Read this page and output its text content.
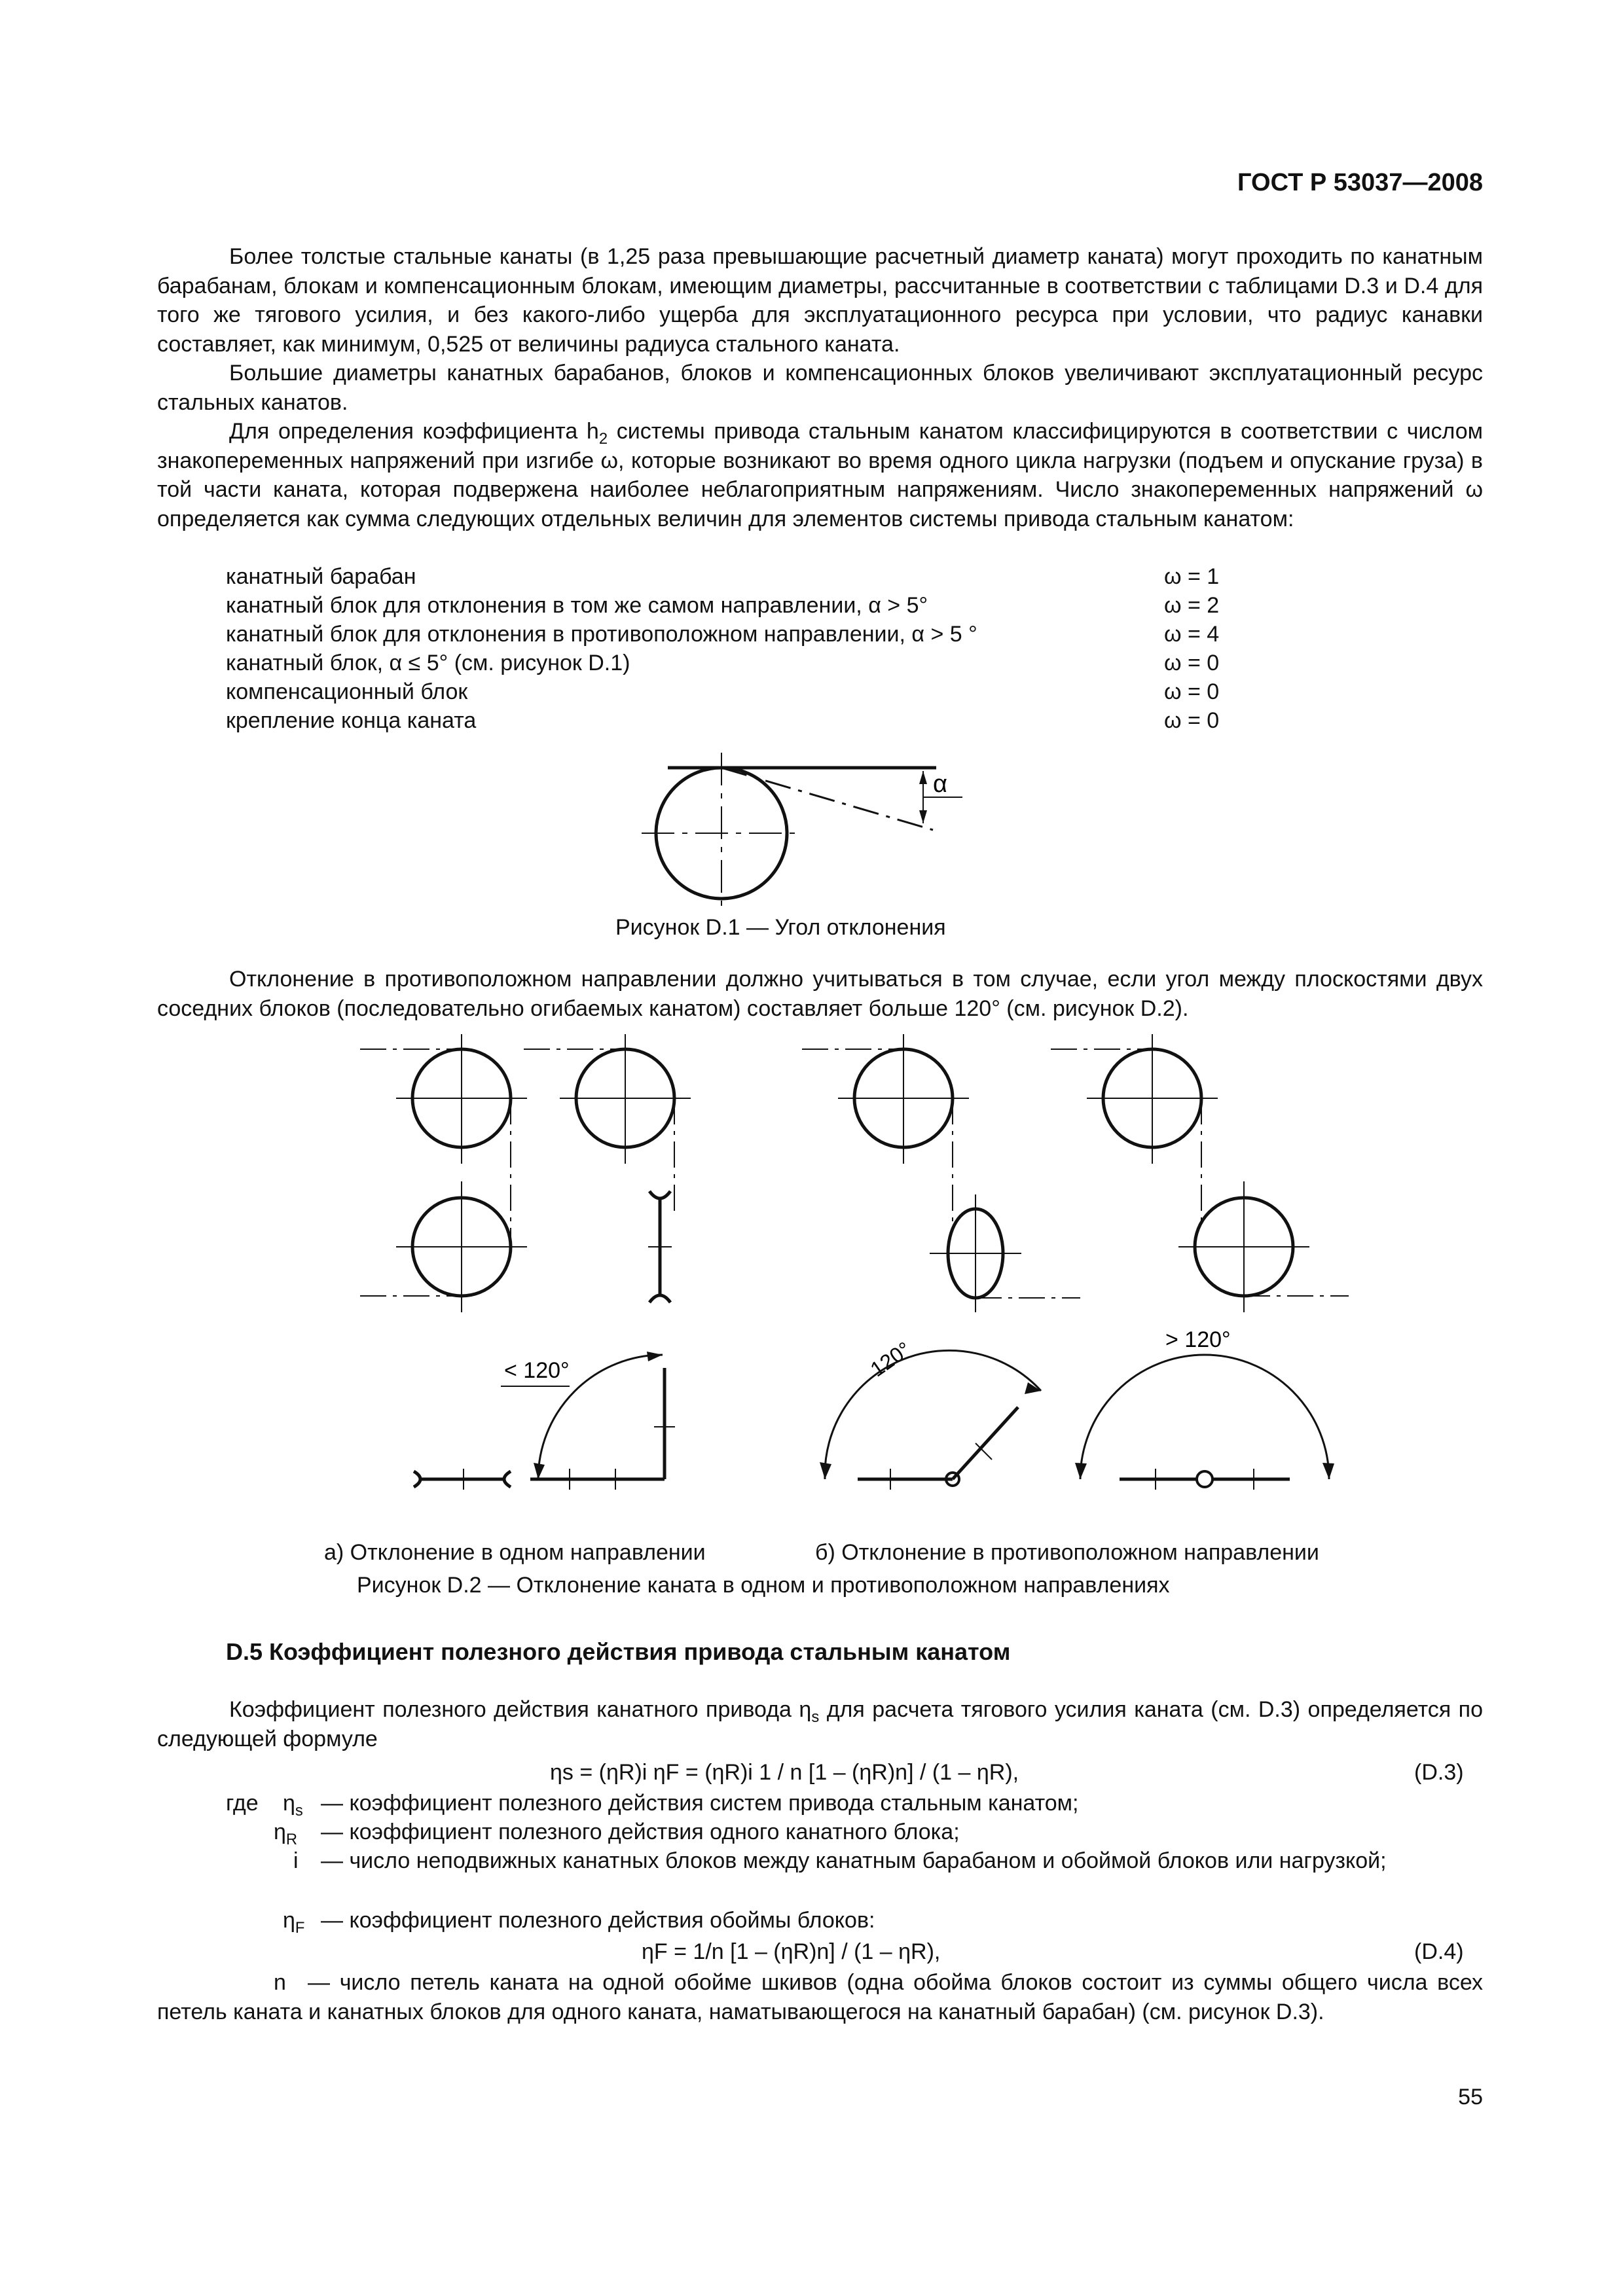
ГОСТ Р 53037—2008

Более толстые стальные канаты (в 1,25 раза превышающие расчетный диаметр каната) могут проходить по канатным барабанам, блокам и компенсационным блокам, имеющим диаметры, рассчитанные в соответствии с таблицами D.3 и D.4 для того же тягового усилия, и без какого-либо ущерба для эксплуатационного ресурса при условии, что радиус канавки составляет, как минимум, 0,525 от величины радиуса стального каната.

Большие диаметры канатных барабанов, блоков и компенсационных блоков увеличивают эксплуатационный ресурс стальных канатов.

Для определения коэффициента $h_2$ системы привода стальным канатом классифицируются в соответствии с числом знакопеременных напряжений при изгибе ω, которые возникают во время одного цикла нагрузки (подъем и опускание груза) в той части каната, которая подвержена наиболее неблагоприятным напряжениям. Число знакопеременных напряжений ω определяется как сумма следующих отдельных величин для элементов системы привода стальным канатом:

канатный барабан	ω = 1
канатный блок для отклонения в том же самом направлении, α > 5°	ω = 2
канатный блок для отклонения в противоположном направлении, α > 5 °	ω = 4
канатный блок, α ≤ 5° (см. рисунок D.1)	ω = 0
компенсационный блок	ω = 0
крепление конца каната	ω = 0
α
Рисунок D.1 — Угол отклонения

Отклонение в противоположном направлении должно учитываться в том случае, если угол между плоскостями двух соседних блоков (последовательно огибаемых канатом) составляет больше 120° (см. рисунок D.2).

< 120°	120°	> 120°
а) Отклонение в одном направлении	б) Отклонение в противоположном направлении
Рисунок D.2 — Отклонение каната в одном и противоположном направлениях
D.5 Коэффициент полезного действия привода стальным канатом

Коэффициент полезного действия канатного привода $\eta_s$ для расчета тягового усилия каната (см. D.3) определяется по следующей формуле

ηs = (ηR)i ηF = (ηR)i 1 / n [1 – (ηR)n] / (1 – ηR),	(D.3)
где $\eta_s$ — коэффициент полезного действия систем привода стальным канатом;
$\eta_R$ — коэффициент полезного действия одного канатного блока;
i	— число неподвижных канатных блоков между канатным барабаном и обоймой блоков или нагрузкой;

$\eta_F$ — коэффициент полезного действия обоймы блоков:
ηF = 1/n [1 – (ηR)n] / (1 – ηR),	(D.4)
n — число петель каната на одной обойме шкивов (одна обойма блоков состоит из суммы общего числа всех петель каната и канатных блоков для одного каната, наматывающегося на канатный барабан) (см. рисунок D.3).

55
